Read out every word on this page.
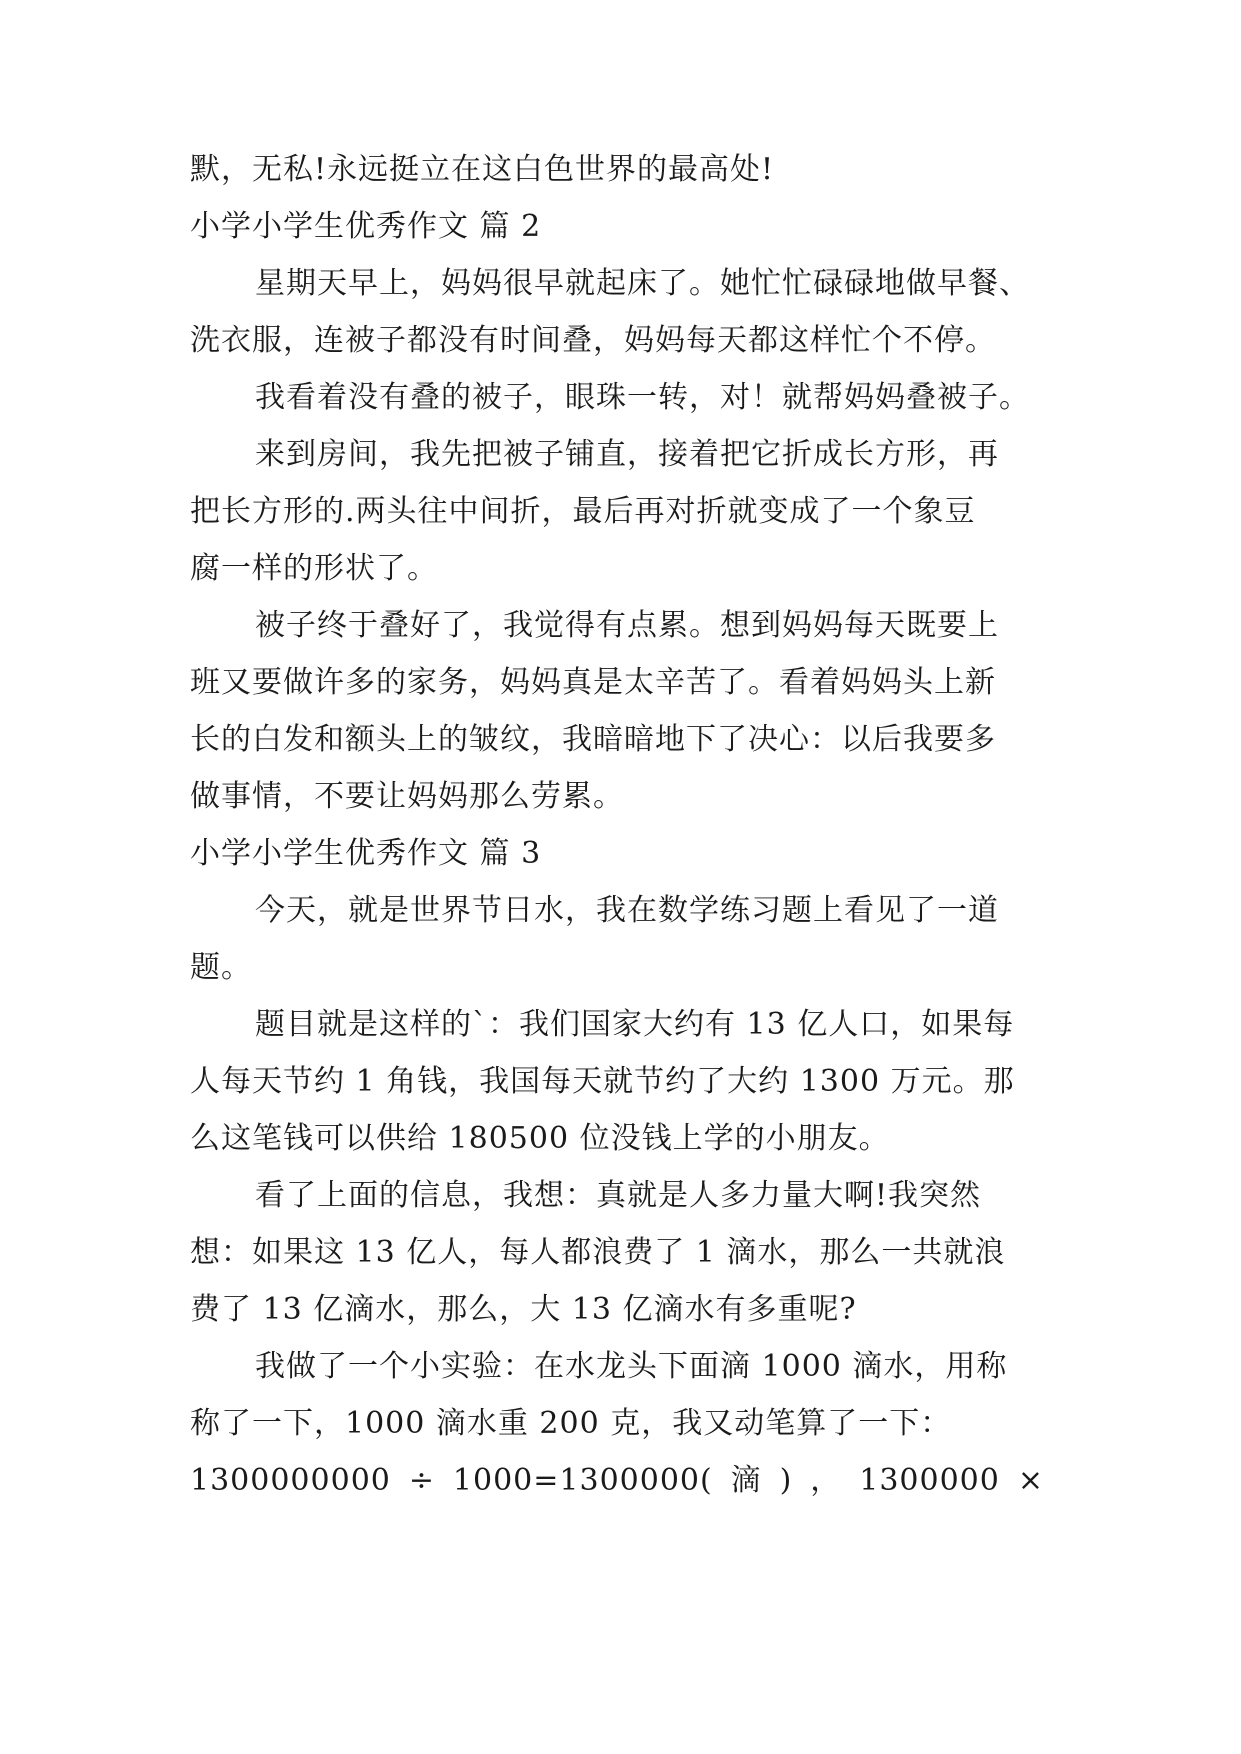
默，无私!永远挺立在这白色世界的最高处!
小学小学生优秀作文 篇 2
星期天早上，妈妈很早就起床了。她忙忙碌碌地做早餐、
洗衣服，连被子都没有时间叠，妈妈每天都这样忙个不停。
我看着没有叠的被子，眼珠一转，对！就帮妈妈叠被子。
来到房间，我先把被子铺直，接着把它折成长方形，再
把长方形的.两头往中间折，最后再对折就变成了一个象豆
腐一样的形状了。
被子终于叠好了，我觉得有点累。想到妈妈每天既要上
班又要做许多的家务，妈妈真是太辛苦了。看着妈妈头上新
长的白发和额头上的皱纹，我暗暗地下了决心：以后我要多
做事情，不要让妈妈那么劳累。
小学小学生优秀作文 篇 3
今天，就是世界节日水，我在数学练习题上看见了一道
题。
题目就是这样的`：我们国家大约有 13 亿人口，如果每
人每天节约 1 角钱，我国每天就节约了大约 1300 万元。那
么这笔钱可以供给 180500 位没钱上学的小朋友。
看了上面的信息，我想：真就是人多力量大啊!我突然
想：如果这 13 亿人，每人都浪费了 1 滴水，那么一共就浪
费了 13 亿滴水，那么，大 13 亿滴水有多重呢?
我做了一个小实验：在水龙头下面滴 1000 滴水，用称
称了一下，1000 滴水重 200 克，我又动笔算了一下：
1300000000 ÷ 1000=1300000( 滴 ) ， 1300000 ×
